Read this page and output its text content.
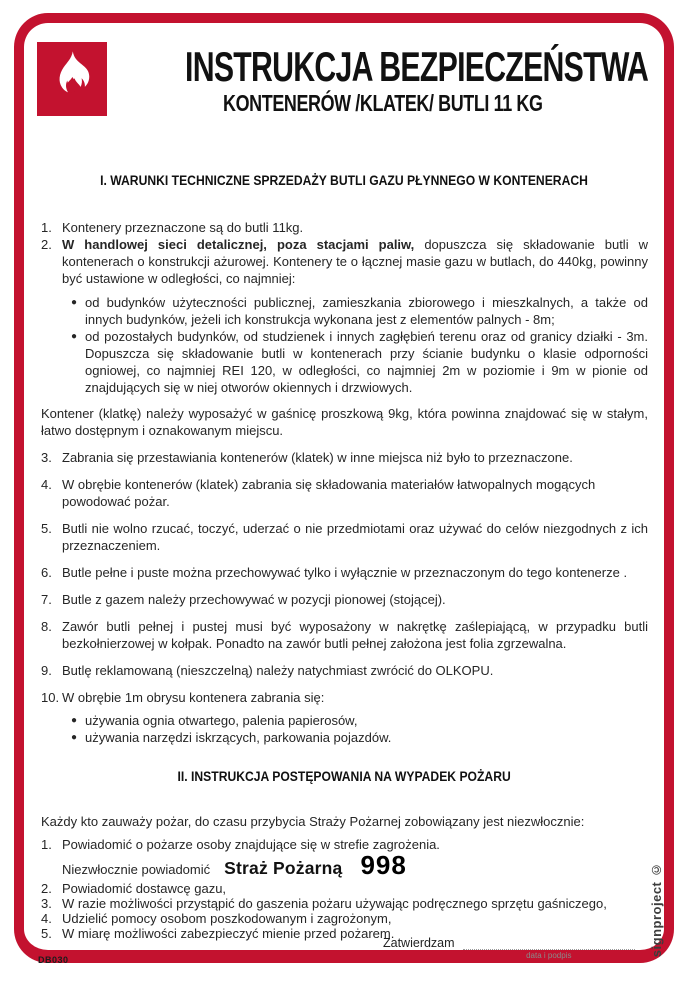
INSTRUKCJA BEZPIECZEŃSTWA
KONTENERÓW /KLATEK/ BUTLI 11 KG
I. WARUNKI TECHNICZNE SPRZEDAŻY BUTLI GAZU PŁYNNEGO W KONTENERACH
1. Kontenery przeznaczone są do butli 11kg.
2. W handlowej sieci detalicznej, poza stacjami paliw, dopuszcza się składowanie butli w kontenerach o konstrukcji ażurowej. Kontenery te o łącznej masie gazu w butlach, do 440kg, powinny być ustawione w odległości, co najmniej:
● od budynków użyteczności publicznej, zamieszkania zbiorowego i mieszkalnych, a także od innych budynków, jeżeli ich konstrukcja wykonana jest z elementów palnych - 8m;
● od pozostałych budynków, od studzienek i innych zagłębień terenu oraz od granicy działki - 3m. Dopuszcza się składowanie butli w kontenerach przy ścianie budynku o klasie odporności ogniowej, co najmniej REI 120, w odległości, co najmniej 2m w poziomie i 9m w pionie od znajdujących się w niej otworów okiennych i drzwiowych.
Kontener (klatkę) należy wyposażyć w gaśnicę proszkową 9kg, która powinna znajdować się w stałym, łatwo dostępnym i oznakowanym miejscu.
3. Zabrania się przestawiania kontenerów (klatek) w inne miejsca niż było to przeznaczone.
4. W obrębie kontenerów (klatek) zabrania się składowania materiałów łatwopalnych mogących powodować pożar.
5. Butli nie wolno rzucać, toczyć, uderzać o nie przedmiotami oraz używać do celów niezgodnych z ich przeznaczeniem.
6. Butle pełne i puste można przechowywać tylko i wyłącznie w przeznaczonym do tego kontenerze .
7. Butle z gazem należy przechowywać w pozycji pionowej (stojącej).
8. Zawór butli pełnej i pustej musi być wyposażony w nakrętkę zaślepiającą, w przypadku butli bezkołnierzowej w kołpak. Ponadto na zawór butli pełnej założona jest folia zgrzewalna.
9. Butlę reklamowaną (nieszczelną) należy natychmiast zwrócić do OLKOPU.
10. W obrębie 1m obrysu kontenera zabrania się:
● używania ognia otwartego, palenia papierosów,
● używania narzędzi iskrzących, parkowania pojazdów.
II. INSTRUKCJA POSTĘPOWANIA NA WYPADEK POŻARU
Każdy kto zauważy pożar, do czasu przybycia Straży Pożarnej zobowiązany jest niezwłocznie:
1. Powiadomić o pożarze osoby znajdujące się w strefie zagrożenia.
Niezwłocznie powiadomić Straż Pożarną 998
2. Powiadomić dostawcę gazu,
3. W razie możliwości przystąpić do gaszenia pożaru używając podręcznego sprzętu gaśniczego,
4. Udzielić pomocy osobom poszkodowanym i zagrożonym,
5. W miarę możliwości zabezpieczyć mienie przed pożarem.
Zatwierdzam
data i podpis
DB030
signproject ©
